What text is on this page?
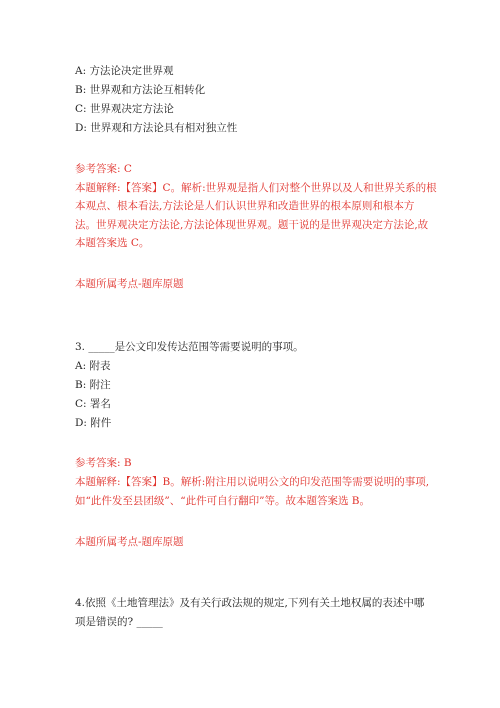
A: 方法论决定世界观
B: 世界观和方法论互相转化
C: 世界观决定方法论
D: 世界观和方法论具有相对独立性
参考答案: C
本题解释:【答案】C。解析:世界观是指人们对整个世界以及人和世界关系的根
本观点、根本看法,方法论是人们认识世界和改造世界的根本原则和根本方
法。世界观决定方法论,方法论体现世界观。题干说的是世界观决定方法论,故
本题答案选 C。
本题所属考点-题库原题
3. _____是公文印发传达范围等需要说明的事项。
A: 附表
B: 附注
C: 署名
D: 附件
参考答案: B
本题解释:【答案】B。解析:附注用以说明公文的印发范围等需要说明的事项,
如“此件发至县团级”、“此件可自行翻印”等。故本题答案选 B。
本题所属考点-题库原题
4.依照《土地管理法》及有关行政法规的规定,下列有关土地权属的表述中哪
项是错误的? _____
